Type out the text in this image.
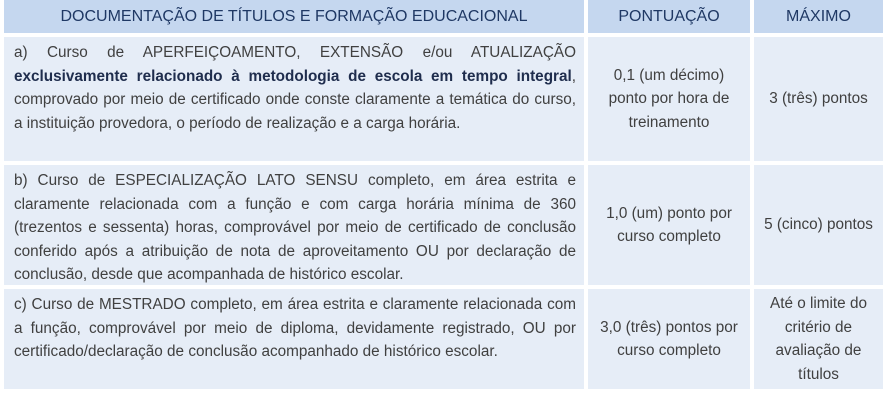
DOCUMENTAÇÃO DE TÍTULOS E FORMAÇÃO EDUCACIONAL	PONTUAÇÃO	MÁXIMO
a) Curso de APERFEIÇOAMENTO, EXTENSÃO e/ou ATUALIZAÇÃO exclusivamente relacionado à metodologia de escola em tempo integral, comprovado por meio de certificado onde conste claramente a temática do curso, a instituição provedora, o período de realização e a carga horária.
0,1 (um décimo) ponto por hora de treinamento
3 (três) pontos
b) Curso de ESPECIALIZAÇÃO LATO SENSU completo, em área estrita e claramente relacionada com a função e com carga horária mínima de 360 (trezentos e sessenta) horas, comprovável por meio de certificado de conclusão conferido após a atribuição de nota de aproveitamento OU por declaração de conclusão, desde que acompanhada de histórico escolar.
1,0 (um) ponto por curso completo
5 (cinco) pontos
c) Curso de MESTRADO completo, em área estrita e claramente relacionada com a função, comprovável por meio de diploma, devidamente registrado, OU por certificado/declaração de conclusão acompanhado de histórico escolar.
3,0 (três) pontos por curso completo
Até o limite do critério de avaliação de títulos
